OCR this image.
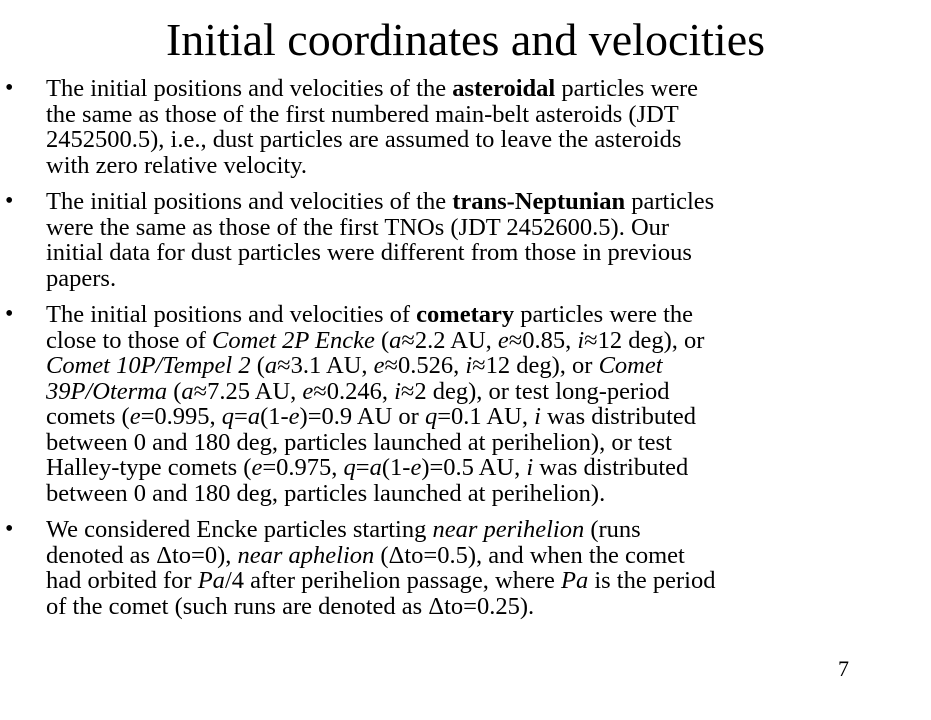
Initial coordinates and velocities
• The initial positions and velocities of the asteroidal particles were
the same as those of the first numbered main-belt asteroids (JDT
2452500.5), i.e., dust particles are assumed to leave the asteroids
with zero relative velocity.
• The initial positions and velocities of the trans-Neptunian particles
were the same as those of the first TNOs (JDT 2452600.5). Our
initial data for dust particles were different from those in previous
papers.
• The initial positions and velocities of cometary particles were the
close to those of Comet 2P Encke (a≈2.2 AU, e≈0.85, i≈12 deg), or
Comet 10P/Tempel 2 (a≈3.1 AU, e≈0.526, i≈12 deg), or Comet
39P/Oterma (a≈7.25 AU, e≈0.246, i≈2 deg), or test long-period
comets (e=0.995, q=a(1-e)=0.9 AU or q=0.1 AU, i was distributed
between 0 and 180 deg, particles launched at perihelion), or test
Halley-type comets (e=0.975, q=a(1-e)=0.5 AU, i was distributed
between 0 and 180 deg, particles launched at perihelion).
• We considered Encke particles starting near perihelion (runs
denoted as Δto=0), near aphelion (Δto=0.5), and when the comet
had orbited for Pa/4 after perihelion passage, where Pa is the period
of the comet (such runs are denoted as Δto=0.25).
7
